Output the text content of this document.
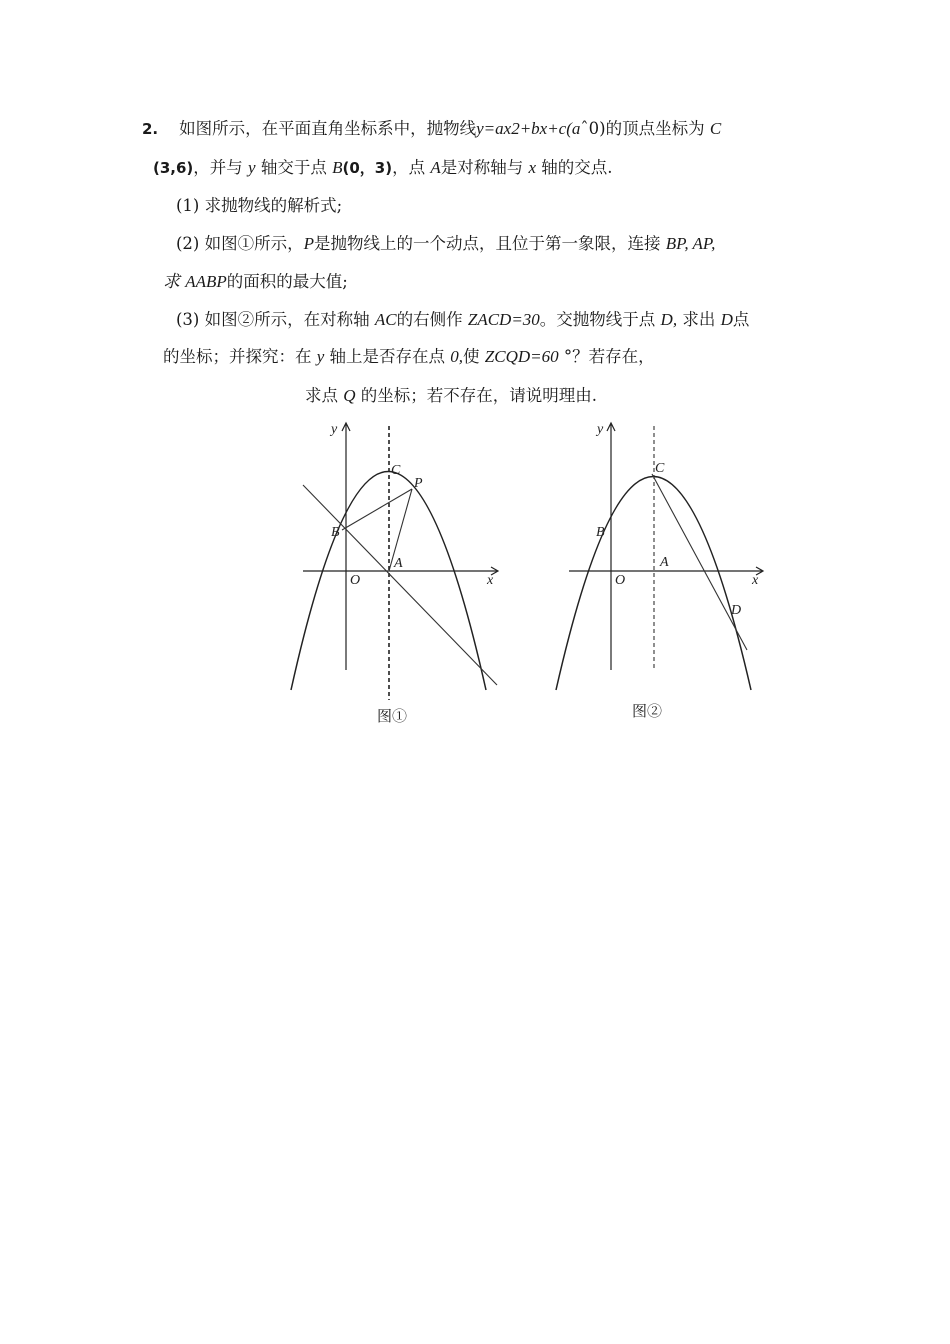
2. 如图所示，在平面直角坐标系中，抛物线y=ax2+bx+c(aˆ0)的顶点坐标为 C
(3,6)，并与 y 轴交于点 B(0，3)，点 A是对称轴与 x 轴的交点.
(1) 求抛物线的解析式;
(2) 如图①所示，P是抛物线上的一个动点，且位于第一象限，连接 BP, AP,
求 AABP的面积的最大值;
(3) 如图②所示，在对称轴 AC的右侧作 ZACD=30。交抛物线于点 D, 求出 D点
的坐标；并探究：在 y 轴上是否存在点 0,使 ZCQD=60 °？若存在，
求点 Q 的坐标；若不存在，请说明理由.
y
x
O
A
B
C
P
图①
y
x
O
A
B
C
D
图②
